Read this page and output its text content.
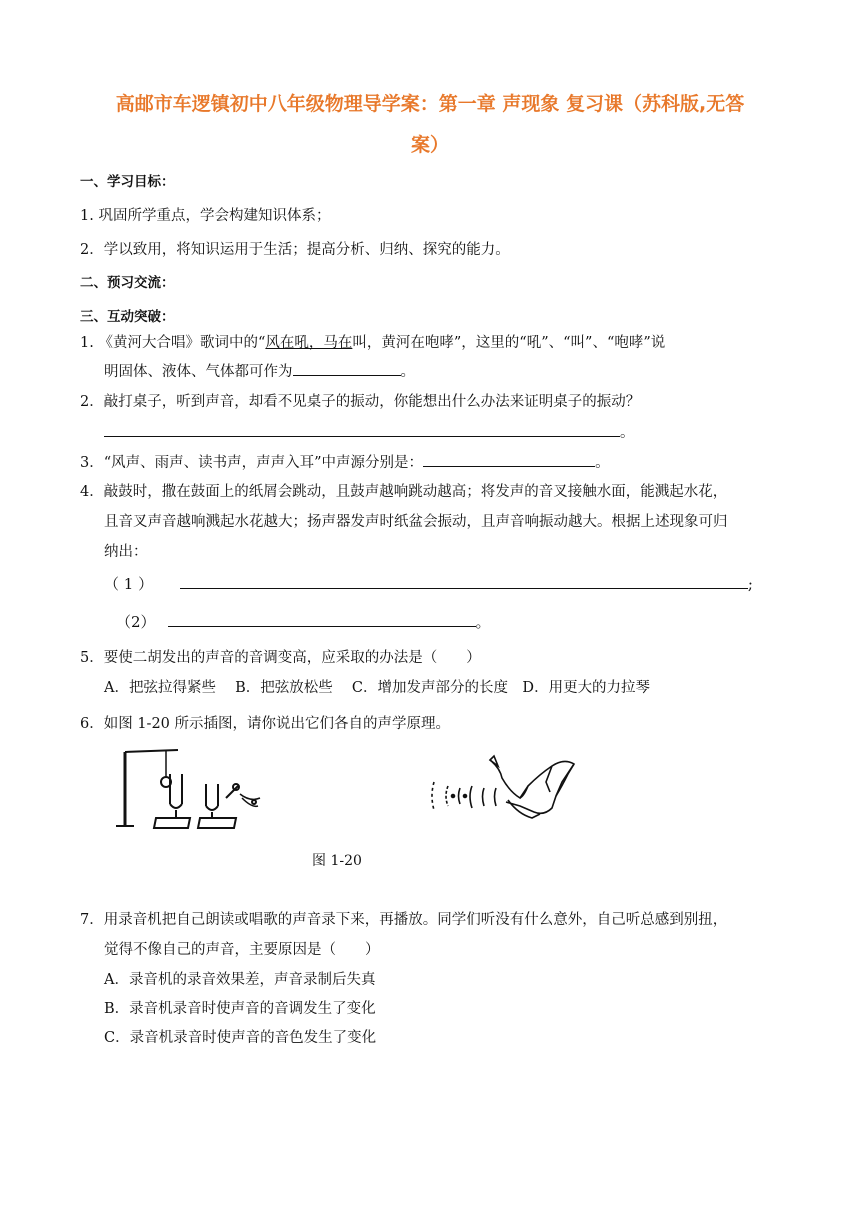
高邮市车逻镇初中八年级物理导学案：第一章 声现象 复习课（苏科版,无答
案）
一、学习目标：
1. 巩固所学重点，学会构建知识体系；
2．学以致用，将知识运用于生活；提高分析、归纳、探究的能力。
二、预习交流：
三、互动突破：
1. 《黄河大合唱》歌词中的“风在吼，马在叫，黄河在咆哮”，这里的“吼”、“叫”、“咆哮”说
明固体、液体、气体都可作为	。
2．敲打桌子，听到声音，却看不见桌子的振动，你能想出什么办法来证明桌子的振动？
。
3．“风声、雨声、读书声，声声入耳”中声源分别是：	。
4．敲鼓时，撒在鼓面上的纸屑会跳动，且鼓声越响跳动越高；将发声的音叉接触水面，能溅起水花，
且音叉声音越响溅起水花越大；扬声器发声时纸盆会振动，且声音响振动越大。根据上述现象可归
纳出：
（ 1 ）	;
（2）	。
5．要使二胡发出的声音的音调变高，应采取的办法是（　　）
A．把弦拉得紧些　 B．把弦放松些　 C．增加发声部分的长度　D．用更大的力拉琴
6．如图 1-20 所示插图，请你说出它们各自的声学原理。
图 1-20
7．用录音机把自己朗读或唱歌的声音录下来，再播放。同学们听没有什么意外，自己听总感到别扭，
觉得不像自己的声音，主要原因是（　　）
A．录音机的录音效果差，声音录制后失真
B．录音机录音时使声音的音调发生了变化
C．录音机录音时使声音的音色发生了变化
